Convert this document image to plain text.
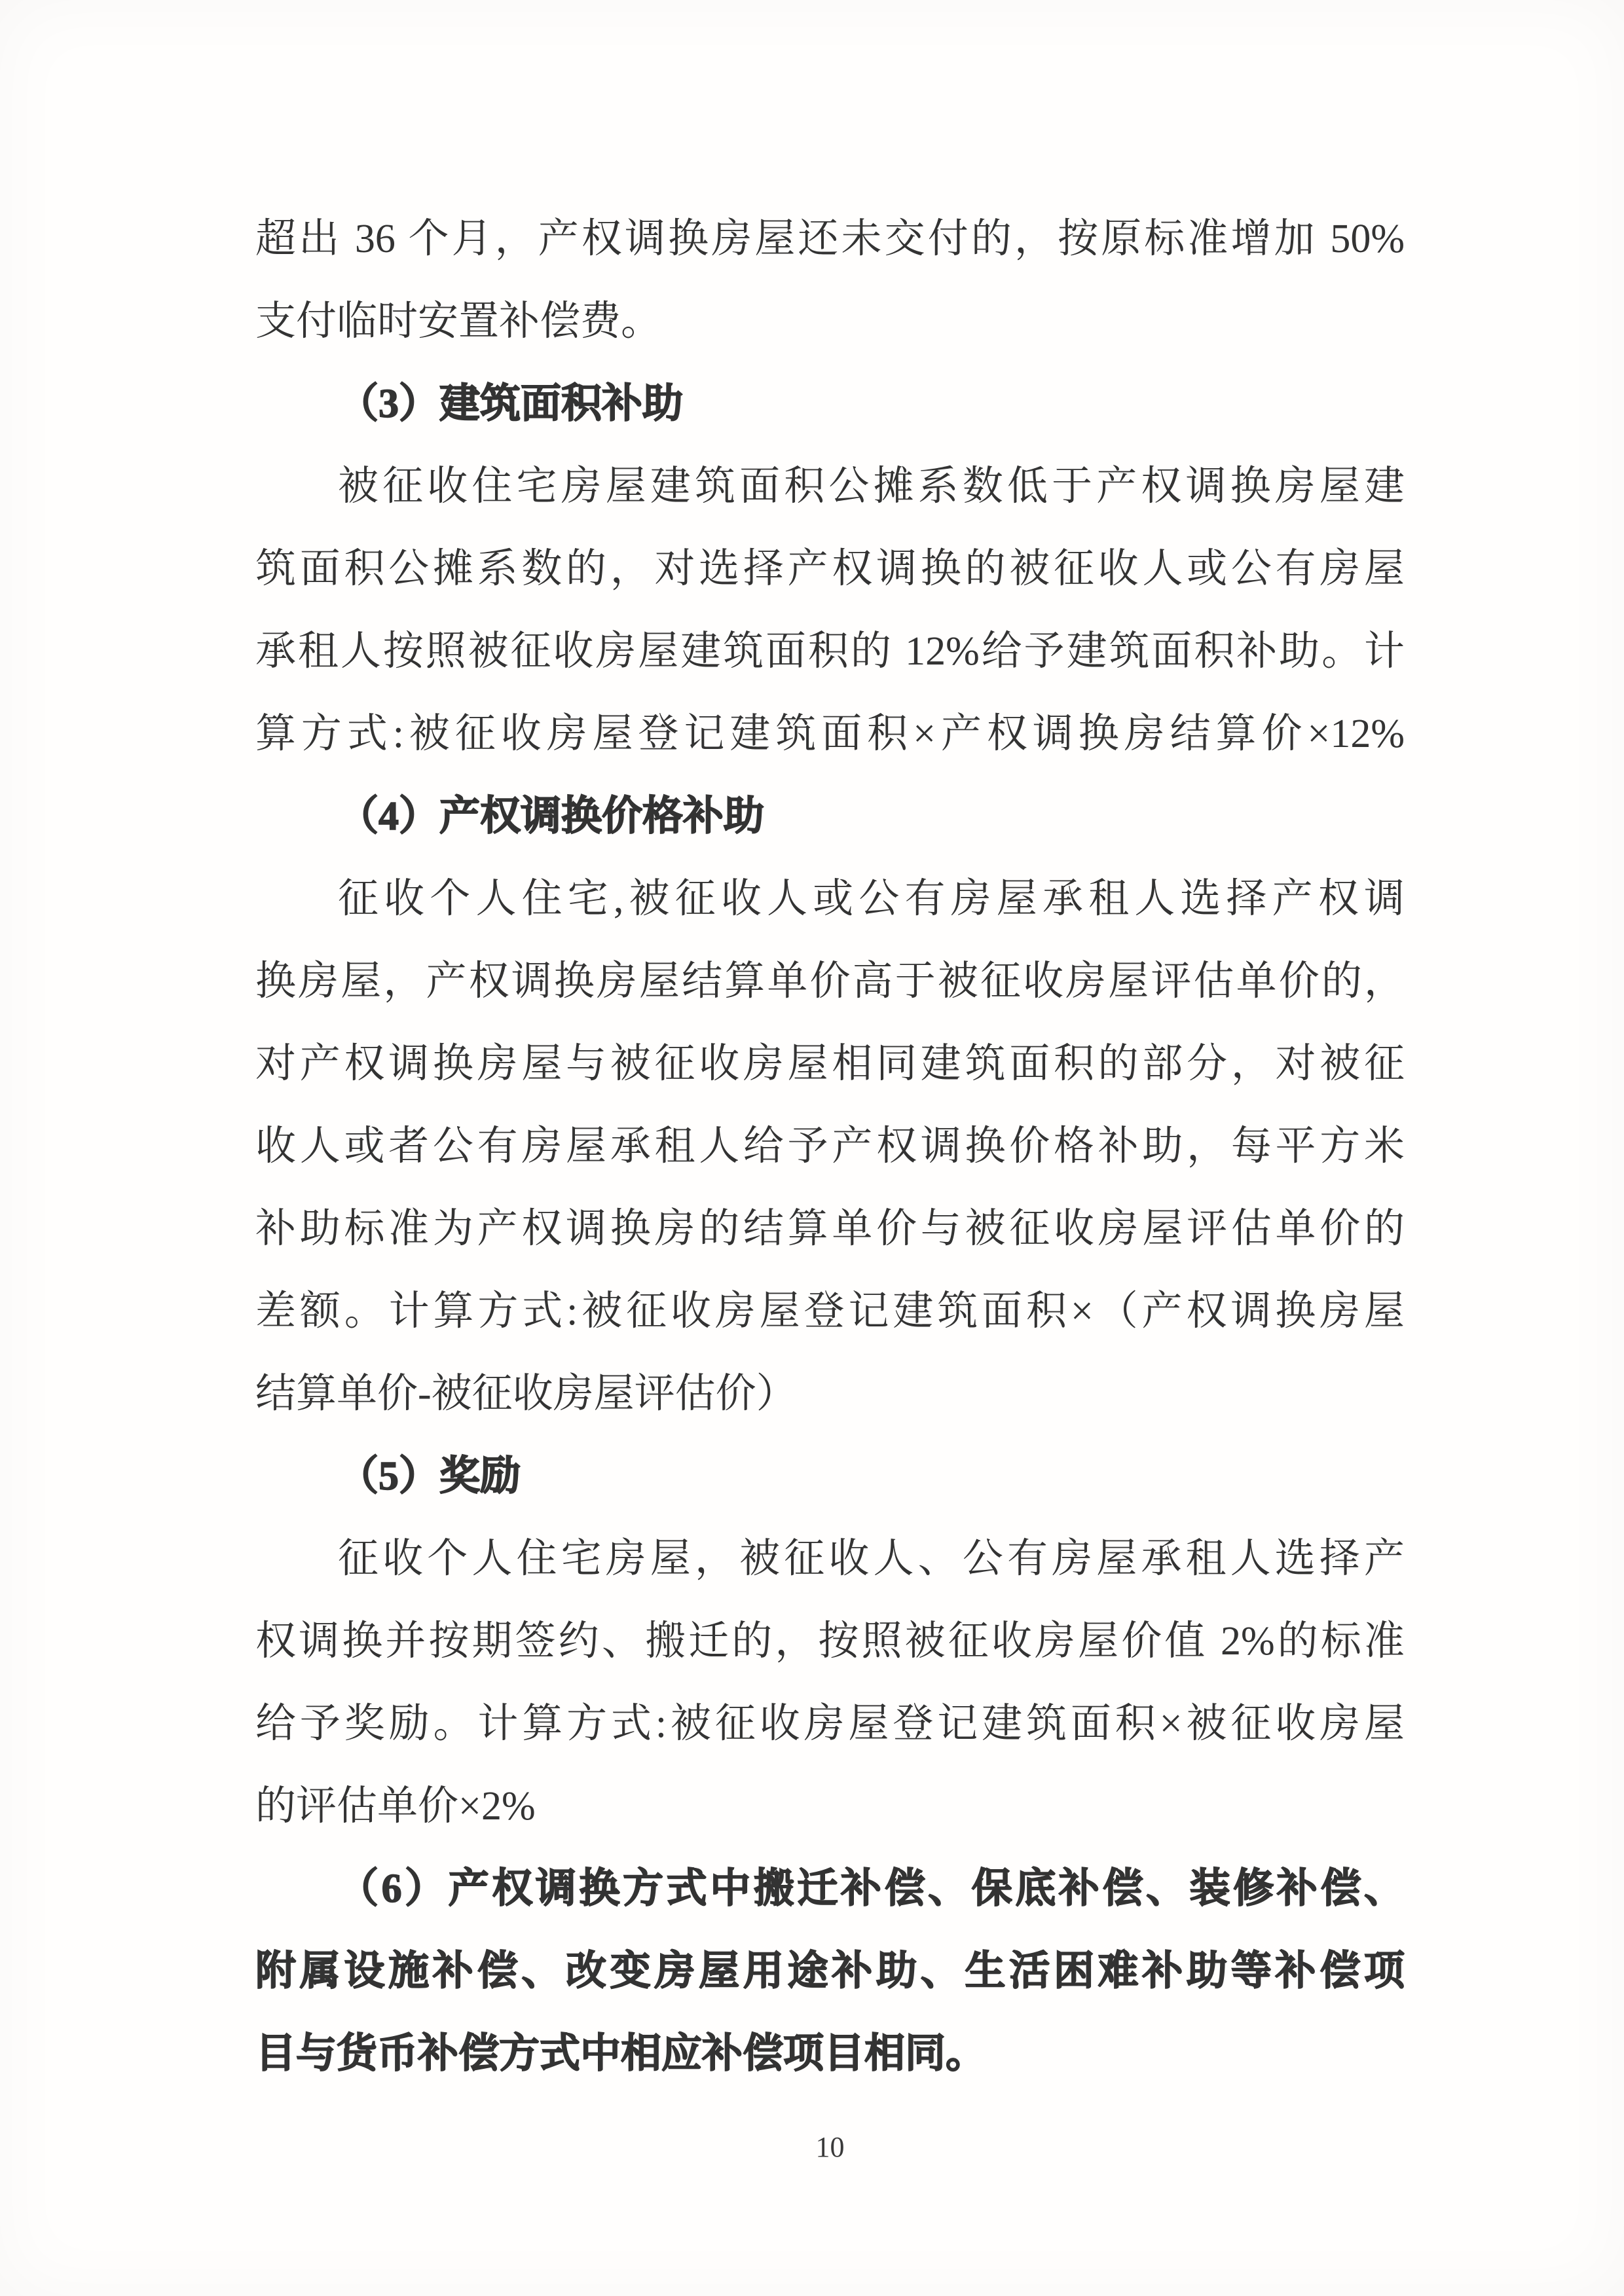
超出 36 个月，产权调换房屋还未交付的，按原标准增加 50%
支付临时安置补偿费。
（3）建筑面积补助
被征收住宅房屋建筑面积公摊系数低于产权调换房屋建
筑面积公摊系数的，对选择产权调换的被征收人或公有房屋
承租人按照被征收房屋建筑面积的 12%给予建筑面积补助。计
算方式:被征收房屋登记建筑面积×产权调换房结算价×12%
（4）产权调换价格补助
征收个人住宅,被征收人或公有房屋承租人选择产权调
换房屋，产权调换房屋结算单价高于被征收房屋评估单价的，
对产权调换房屋与被征收房屋相同建筑面积的部分，对被征
收人或者公有房屋承租人给予产权调换价格补助，每平方米
补助标准为产权调换房的结算单价与被征收房屋评估单价的
差额。计算方式:被征收房屋登记建筑面积×（产权调换房屋
结算单价-被征收房屋评估价）
（5）奖励
征收个人住宅房屋，被征收人、公有房屋承租人选择产
权调换并按期签约、搬迁的，按照被征收房屋价值 2%的标准
给予奖励。计算方式:被征收房屋登记建筑面积×被征收房屋
的评估单价×2%
（6）产权调换方式中搬迁补偿、保底补偿、装修补偿、
附属设施补偿、改变房屋用途补助、生活困难补助等补偿项
目与货币补偿方式中相应补偿项目相同。
10
